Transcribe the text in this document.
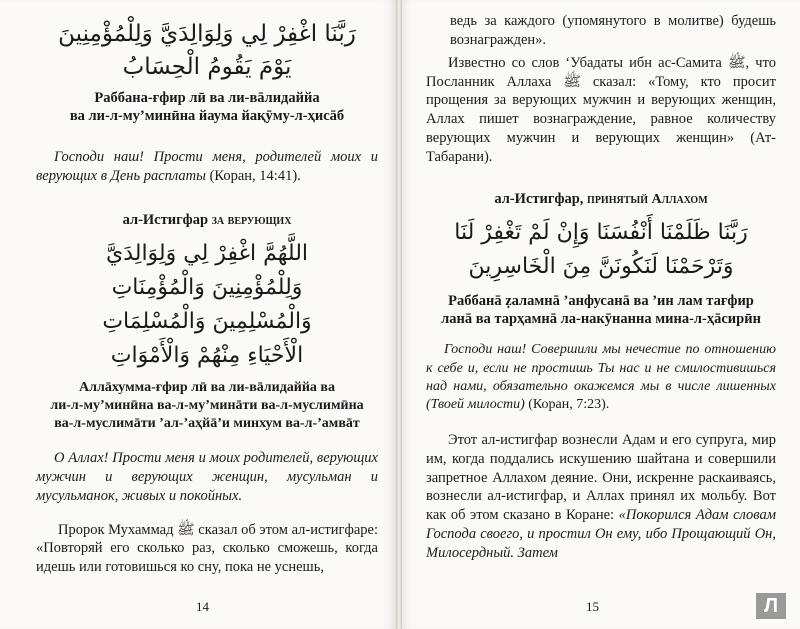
رَبَّنَا اغْفِرْ لِي وَلِوَالِدَيَّ وَلِلْمُؤْمِنِينَ
يَوْمَ يَقُومُ الْحِسَابُ
Раббана-ғфир лӣ ва ли-вāлидаййа
ва ли-л-му’минӣна йаума йақӯму-л-ҳисāб

Господи наш! Прости меня, родителей моих и верующих в День расплаты (Коран, 14:41).

ал-Истигфар за верующих
اللَّهُمَّ اغْفِرْ لِي وَلِوَالِدَيَّ
وَلِلْمُؤْمِنِينَ وَالْمُؤْمِنَاتِ
وَالْمُسْلِمِينَ وَالْمُسْلِمَاتِ
الْأَحْيَاءِ مِنْهُمْ وَالْأَمْوَاتِ
Аллāхумма-ғфир лӣ ва ли-вāлидаййа ва
ли-л-му’минӣна ва-л-му’минāти ва-л-муслимӣна
ва-л-муслимāти ’ал-’аҳйā’и минхум ва-л-’амвāт

О Аллах! Прости меня и моих родителей, верующих мужчин и верующих женщин, мусульман и мусульманок, живых и покойных.

Пророк Мухаммад ﷺ сказал об этом ал-истигфаре: «Повторяй его сколько раз, сколько сможешь, когда идешь или готовишься ко сну, пока не уснешь,

14

ведь за каждого (упомянутого в молитве) будешь вознагражден».

Известно со слов ‘Убадаты ибн ас-Самита ﷺ, что Посланник Аллаха ﷺ сказал: «Тому, кто просит прощения за верующих мужчин и верующих женщин, Аллах пишет вознаграждение, равное количеству верующих мужчин и верующих женщин» (Ат-Табарани).

ал-Истигфар, принятый Аллахом
رَبَّنَا ظَلَمْنَا أَنْفُسَنَا وَإِنْ لَمْ تَغْفِرْ لَنَا
وَتَرْحَمْنَا لَنَكُونَنَّ مِنَ الْخَاسِرِينَ
Раббанā ẓаламнā ’анфусанā ва ’ин лам тағфир
ланā ва тарҳамнā ла-накӯнанна мина-л-ҳāсирӣн

Господи наш! Совершили мы нечестие по отношению к себе и, если не простишь Ты нас и не смилостивишься над нами, обязательно окажемся мы в числе лишенных (Твоей милости) (Коран, 7:23).

Этот ал-истигфар вознесли Адам и его супруга, мир им, когда поддались искушению шайтана и совершили запретное Аллахом деяние. Они, искренне раскаиваясь, вознесли ал-истигфар, и Аллах принял их мольбу. Вот как об этом сказано в Коране: «Покорился Адам словам Господа своего, и простил Он ему, ибо Прощающий Он, Милосердный. Затем

15	Л
